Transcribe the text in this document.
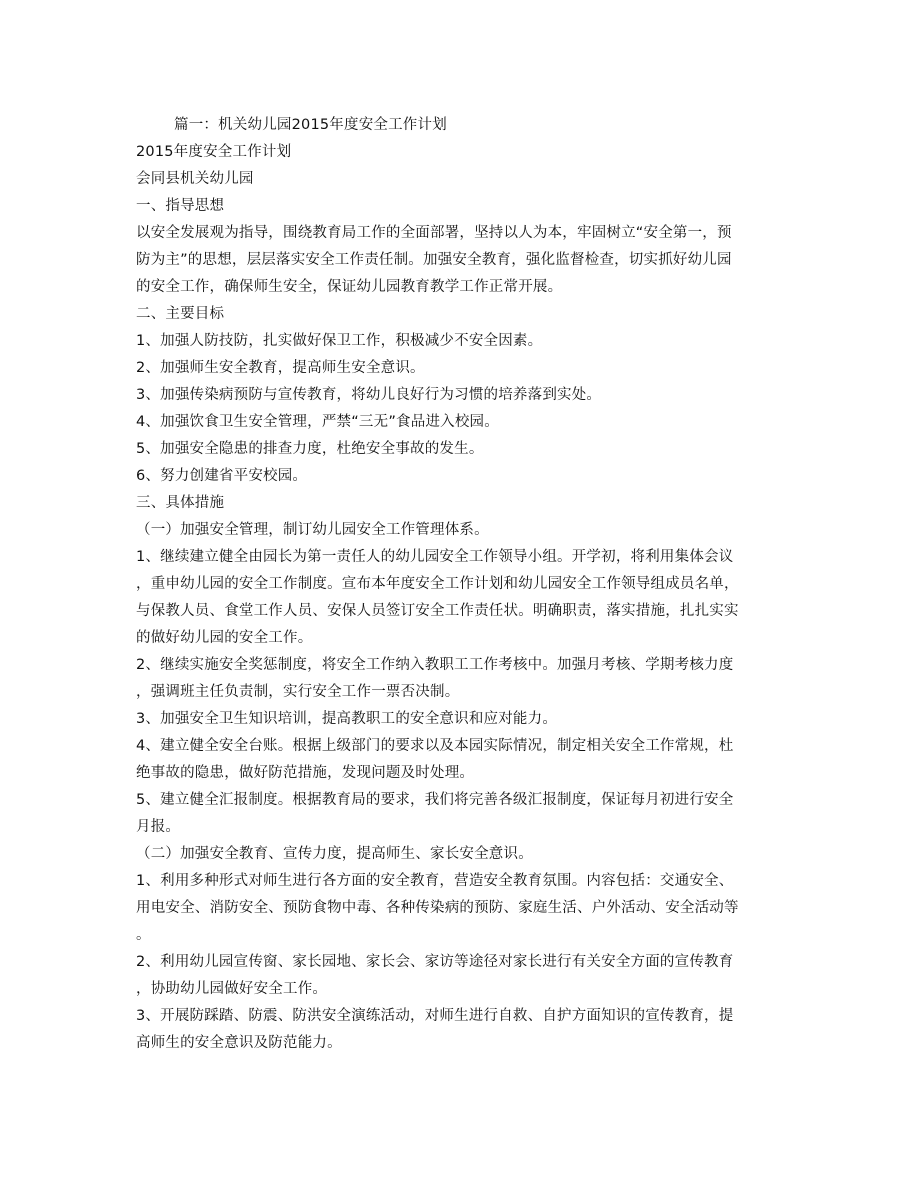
篇一：机关幼儿园2015年度安全工作计划
2015年度安全工作计划
会同县机关幼儿园
一、指导思想
以安全发展观为指导，围绕教育局工作的全面部署，坚持以人为本，牢固树立“安全第一，预
防为主”的思想，层层落实安全工作责任制。加强安全教育，强化监督检查，切实抓好幼儿园
的安全工作，确保师生安全，保证幼儿园教育教学工作正常开展。
二、主要目标
1、加强人防技防，扎实做好保卫工作，积极减少不安全因素。
2、加强师生安全教育，提高师生安全意识。
3、加强传染病预防与宣传教育，将幼儿良好行为习惯的培养落到实处。
4、加强饮食卫生安全管理，严禁“三无”食品进入校园。
5、加强安全隐患的排查力度，杜绝安全事故的发生。
6、努力创建省平安校园。
三、具体措施
（一）加强安全管理，制订幼儿园安全工作管理体系。
1、继续建立健全由园长为第一责任人的幼儿园安全工作领导小组。开学初，将利用集体会议
，重申幼儿园的安全工作制度。宣布本年度安全工作计划和幼儿园安全工作领导组成员名单，
与保教人员、食堂工作人员、安保人员签订安全工作责任状。明确职责，落实措施，扎扎实实
的做好幼儿园的安全工作。
2、继续实施安全奖惩制度，将安全工作纳入教职工工作考核中。加强月考核、学期考核力度
，强调班主任负责制，实行安全工作一票否决制。
3、加强安全卫生知识培训，提高教职工的安全意识和应对能力。
4、建立健全安全台账。根据上级部门的要求以及本园实际情况，制定相关安全工作常规，杜
绝事故的隐患，做好防范措施，发现问题及时处理。
5、建立健全汇报制度。根据教育局的要求，我们将完善各级汇报制度，保证每月初进行安全
月报。
（二）加强安全教育、宣传力度，提高师生、家长安全意识。
1、利用多种形式对师生进行各方面的安全教育，营造安全教育氛围。内容包括：交通安全、
用电安全、消防安全、预防食物中毒、各种传染病的预防、家庭生活、户外活动、安全活动等
。
2、利用幼儿园宣传窗、家长园地、家长会、家访等途径对家长进行有关安全方面的宣传教育
，协助幼儿园做好安全工作。
3、开展防踩踏、防震、防洪安全演练活动，对师生进行自救、自护方面知识的宣传教育，提
高师生的安全意识及防范能力。
